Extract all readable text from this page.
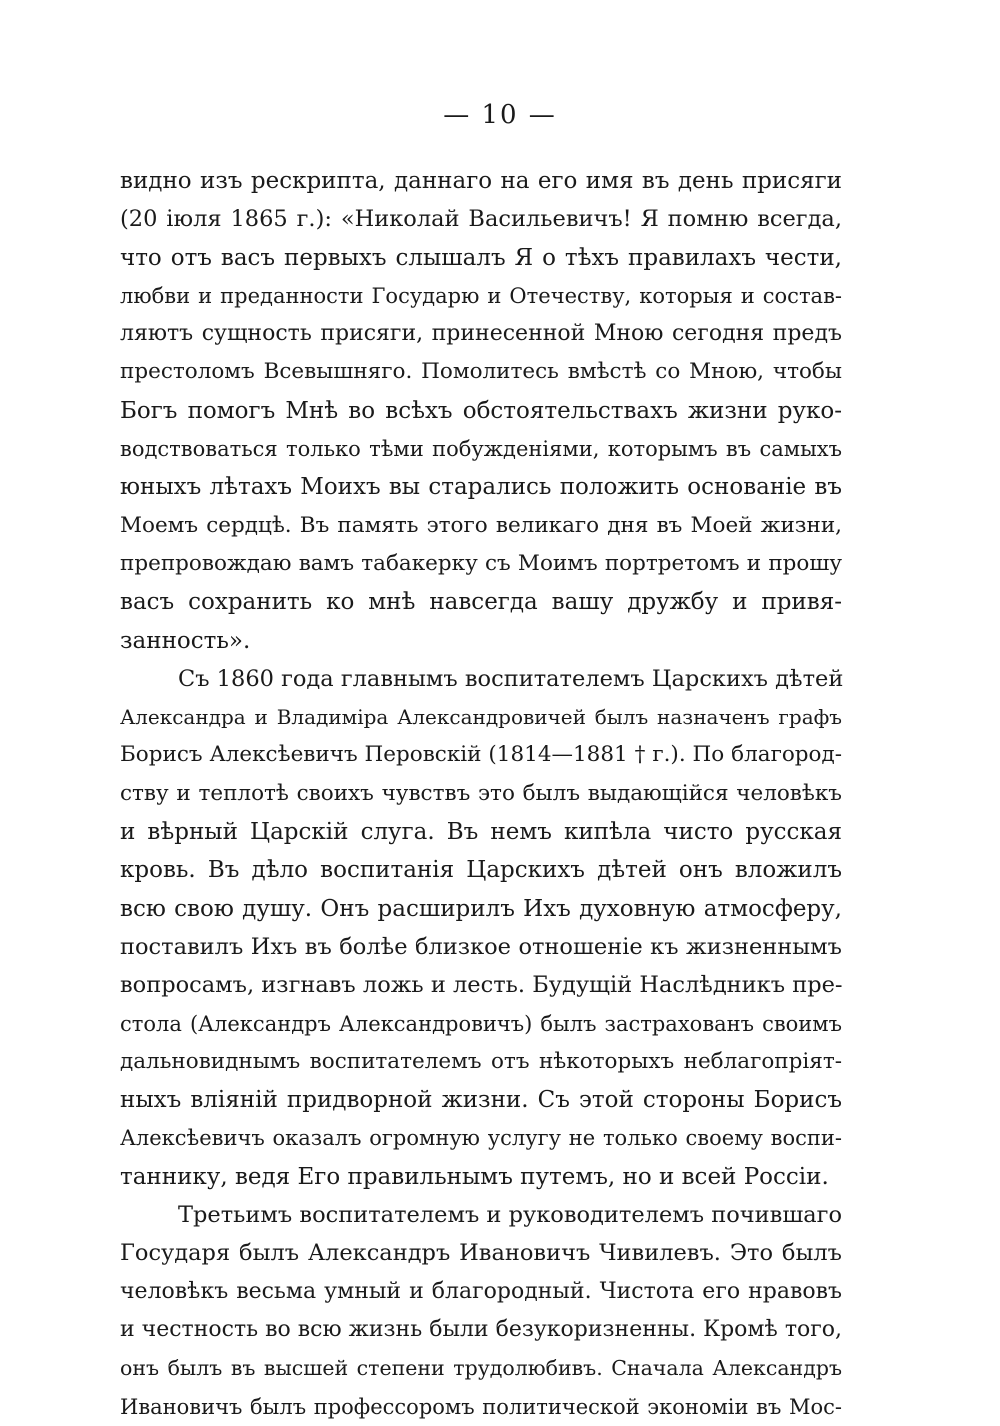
— 10 —
видно изъ рескрипта, даннаго на его имя въ день присяги
(20 іюля 1865 г.): «Николай Васильевичъ! Я помню всегда,
что отъ васъ первыхъ слышалъ Я о тѣхъ правилахъ чести,
любви и преданности Государю и Отечеству, которыя и состав-
ляютъ сущность присяги, принесенной Мною сегодня предъ
престоломъ Всевышняго. Помолитесь вмѣстѣ со Мною, чтобы
Богъ помогъ Мнѣ во всѣхъ обстоятельствахъ жизни руко-
водствоваться только тѣми побужденіями, которымъ въ самыхъ
юныхъ лѣтахъ Моихъ вы старались положить основаніе въ
Моемъ сердцѣ. Въ память этого великаго дня въ Моей жизни,
препровождаю вамъ табакерку съ Моимъ портретомъ и прошу
васъ сохранить ко мнѣ навсегда вашу дружбу и привя-
занность».
Съ 1860 года главнымъ воспитателемъ Царскихъ дѣтей
Александра и Владиміра Александровичей былъ назначенъ графъ
Борисъ Алексѣевичъ Перовскій (1814—1881 † г.). По благород-
ству и теплотѣ своихъ чувствъ это былъ выдающійся человѣкъ
и вѣрный Царскій слуга. Въ немъ кипѣла чисто русская
кровь. Въ дѣло воспитанія Царскихъ дѣтей онъ вложилъ
всю свою душу. Онъ расширилъ Ихъ духовную атмосферу,
поставилъ Ихъ въ болѣе близкое отношеніе къ жизненнымъ
вопросамъ, изгнавъ ложь и лесть. Будущій Наслѣдникъ пре-
стола (Александръ Александровичъ) былъ застрахованъ своимъ
дальновиднымъ воспитателемъ отъ нѣкоторыхъ неблагопріят-
ныхъ вліяній придворной жизни. Съ этой стороны Борисъ
Алексѣевичъ оказалъ огромную услугу не только своему воспи-
таннику, ведя Его правильнымъ путемъ, но и всей Россіи.
Третьимъ воспитателемъ и руководителемъ почившаго
Государя былъ Александръ Ивановичъ Чивилевъ. Это былъ
человѣкъ весьма умный и благородный. Чистота его нравовъ
и честность во всю жизнь были безукоризненны. Кромѣ того,
онъ былъ въ высшей степени трудолюбивъ. Сначала Александръ
Ивановичъ былъ профессоромъ политической экономіи въ Мос-
